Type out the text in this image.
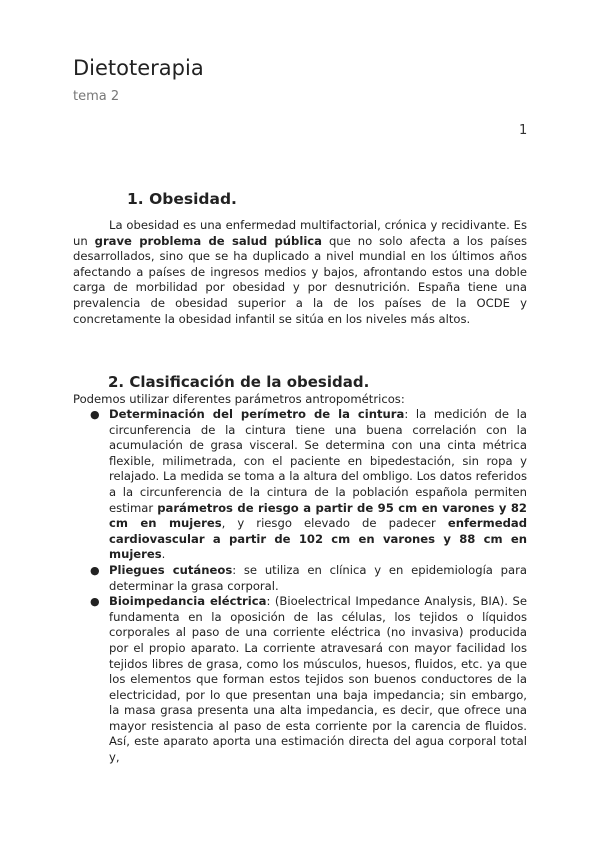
Dietoterapia
tema 2
1
1. Obesidad.

La obesidad es una enfermedad multifactorial, crónica y recidivante. Es un grave problema de salud pública que no solo afecta a los países desarrollados, sino que se ha duplicado a nivel mundial en los últimos años afectando a países de ingresos medios y bajos, afrontando estos una doble carga de morbilidad por obesidad y por desnutrición. España tiene una prevalencia de obesidad superior a la de los países de la OCDE y concretamente la obesidad infantil se sitúa en los niveles más altos.

2. Clasificación de la obesidad.

Podemos utilizar diferentes parámetros antropométricos:

● Determinación del perímetro de la cintura: la medición de la circunferencia de la cintura tiene una buena correlación con la acumulación de grasa visceral. Se determina con una cinta métrica flexible, milimetrada, con el paciente en bipedestación, sin ropa y relajado. La medida se toma a la altura del ombligo. Los datos referidos a la circunferencia de la cintura de la población española permiten estimar parámetros de riesgo a partir de 95 cm en varones y 82 cm en mujeres, y riesgo elevado de padecer enfermedad cardiovascular a partir de 102 cm en varones y 88 cm en mujeres.
● Pliegues cutáneos: se utiliza en clínica y en epidemiología para determinar la grasa corporal.
● Bioimpedancia eléctrica: (Bioelectrical Impedance Analysis, BIA). Se fundamenta en la oposición de las células, los tejidos o líquidos corporales al paso de una corriente eléctrica (no invasiva) producida por el propio aparato. La corriente atravesará con mayor facilidad los tejidos libres de grasa, como los músculos, huesos, fluidos, etc. ya que los elementos que forman estos tejidos son buenos conductores de la electricidad, por lo que presentan una baja impedancia; sin embargo, la masa grasa presenta una alta impedancia, es decir, que ofrece una mayor resistencia al paso de esta corriente por la carencia de fluidos. Así, este aparato aporta una estimación directa del agua corporal total y,
